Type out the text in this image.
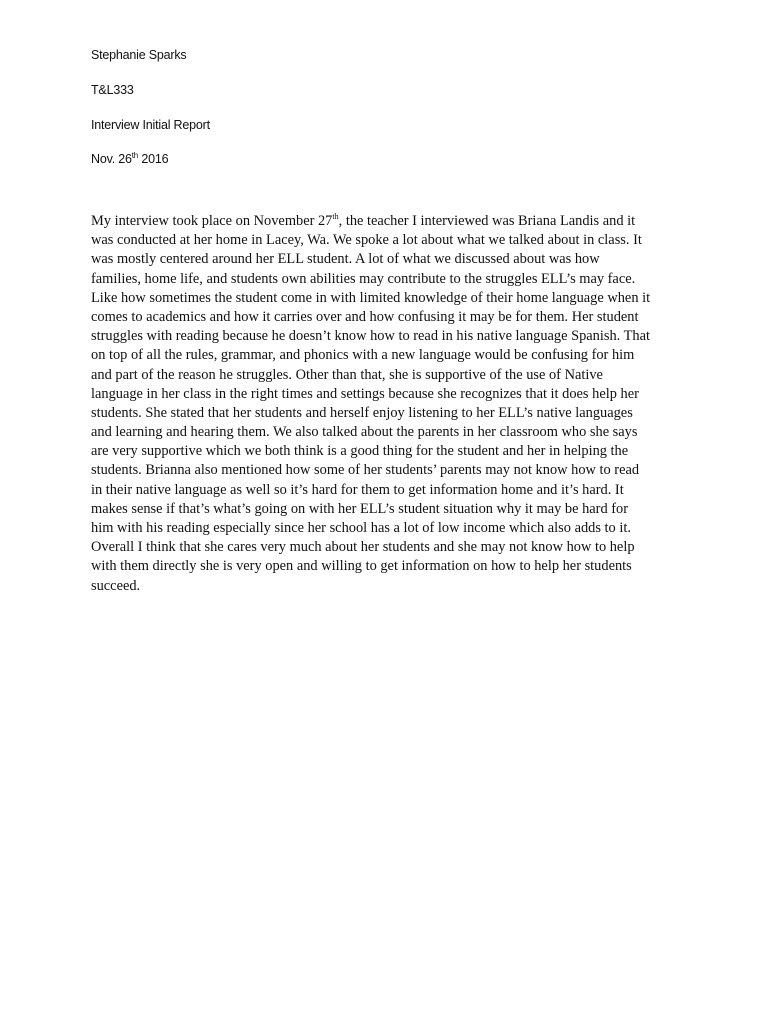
Stephanie Sparks
T&L333
Interview Initial Report
Nov. 26th 2016
My interview took place on November 27th, the teacher I interviewed was Briana Landis and it
was conducted at her home in Lacey, Wa. We spoke a lot about what we talked about in class. It
was mostly centered around her ELL student. A lot of what we discussed about was how
families, home life, and students own abilities may contribute to the struggles ELL’s may face.
Like how sometimes the student come in with limited knowledge of their home language when it
comes to academics and how it carries over and how confusing it may be for them. Her student
struggles with reading because he doesn’t know how to read in his native language Spanish. That
on top of all the rules, grammar, and phonics with a new language would be confusing for him
and part of the reason he struggles. Other than that, she is supportive of the use of Native
language in her class in the right times and settings because she recognizes that it does help her
students. She stated that her students and herself enjoy listening to her ELL’s native languages
and learning and hearing them. We also talked about the parents in her classroom who she says
are very supportive which we both think is a good thing for the student and her in helping the
students. Brianna also mentioned how some of her students’ parents may not know how to read
in their native language as well so it’s hard for them to get information home and it’s hard. It
makes sense if that’s what’s going on with her ELL’s student situation why it may be hard for
him with his reading especially since her school has a lot of low income which also adds to it.
Overall I think that she cares very much about her students and she may not know how to help
with them directly she is very open and willing to get information on how to help her students
succeed.
